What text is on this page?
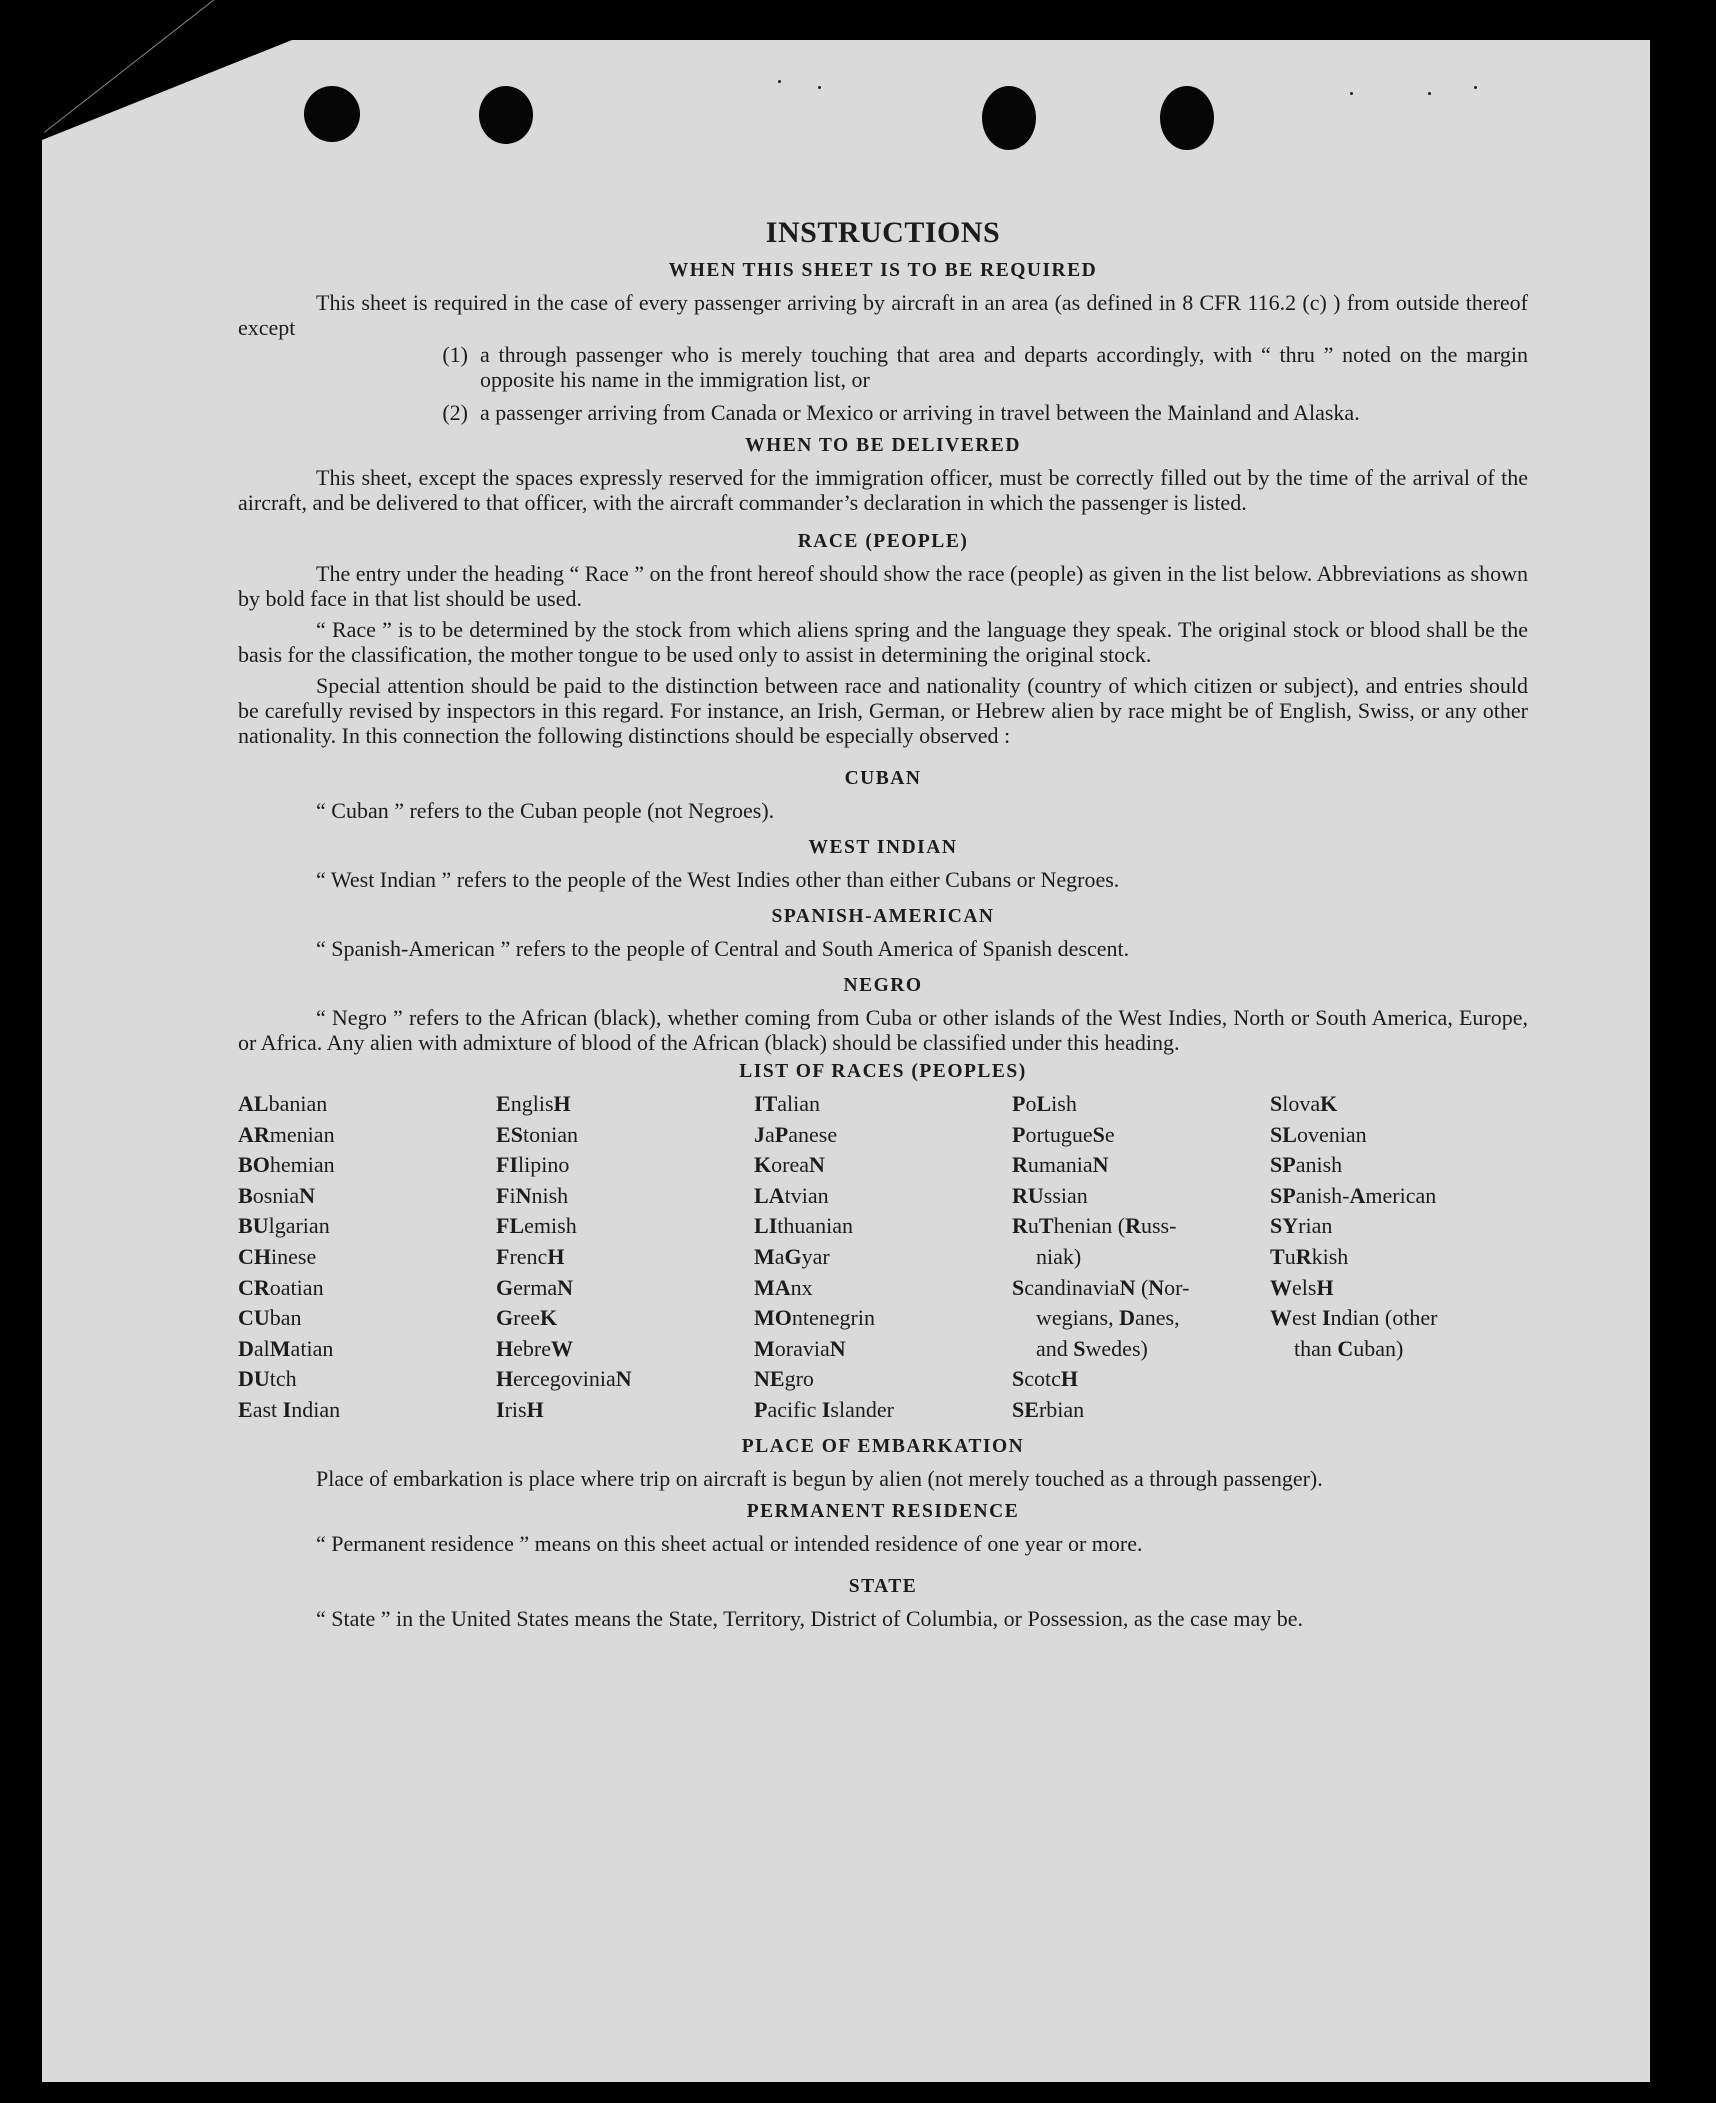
INSTRUCTIONS
WHEN THIS SHEET IS TO BE REQUIRED

This sheet is required in the case of every passenger arriving by aircraft in an area (as defined in 8 CFR 116.2 (c) ) from outside thereof except

(1) a through passenger who is merely touching that area and departs accordingly, with “ thru ” noted on the margin opposite his name in the immigration list, or
(2) a passenger arriving from Canada or Mexico or arriving in travel between the Mainland and Alaska.
WHEN TO BE DELIVERED

This sheet, except the spaces expressly reserved for the immigration officer, must be correctly filled out by the time of the arrival of the aircraft, and be delivered to that officer, with the aircraft commander’s declaration in which the passenger is listed.

RACE (PEOPLE)

The entry under the heading “ Race ” on the front hereof should show the race (people) as given in the list below. Abbreviations as shown by bold face in that list should be used.

“ Race ” is to be determined by the stock from which aliens spring and the language they speak. The original stock or blood shall be the basis for the classification, the mother tongue to be used only to assist in determining the original stock.

Special attention should be paid to the distinction between race and nationality (country of which citizen or subject), and entries should be carefully revised by inspectors in this regard. For instance, an Irish, German, or Hebrew alien by race might be of English, Swiss, or any other nationality. In this connection the following distinctions should be especially observed :

CUBAN
“ Cuban ” refers to the Cuban people (not Negroes).
WEST INDIAN
“ West Indian ” refers to the people of the West Indies other than either Cubans or Negroes.
SPANISH-AMERICAN
“ Spanish-American ” refers to the people of Central and South America of Spanish descent.
NEGRO

“ Negro ” refers to the African (black), whether coming from Cuba or other islands of the West Indies, North or South America, Europe, or Africa. Any alien with admixture of blood of the African (black) should be classified under this heading.

LIST OF RACES (PEOPLES)
ALbanian
ARmenian
BOhemian
BosniaN
BUlgarian
CHinese
CRoatian
CUban
DalMatian
DUtch
East Indian
EnglisH
EStonian
FIlipino
FiNnish
FLemish
FrencH
GermaN
GreeK
HebreW
HercegoviniaN
IrisH
ITalian
JaPanese
KoreaN
LAtvian
LIthuanian
MaGyar
MAnx
MOntenegrin
MoraviaN
NEgro
Pacific Islander
PoLish
PortugueSe
RumaniaN
RUssian
RuThenian (Russ-
niak)
ScandinaviaN (Nor-
wegians, Danes,
and Swedes)
ScotcH
SErbian
SlovaK
SLovenian
SPanish
SPanish-American
SYrian
TuRkish
WelsH
West Indian (other
than Cuban)
PLACE OF EMBARKATION

Place of embarkation is place where trip on aircraft is begun by alien (not merely touched as a through passenger).

PERMANENT RESIDENCE
“ Permanent residence ” means on this sheet actual or intended residence of one year or more.
STATE

“ State ” in the United States means the State, Territory, District of Columbia, or Possession, as the case may be.
